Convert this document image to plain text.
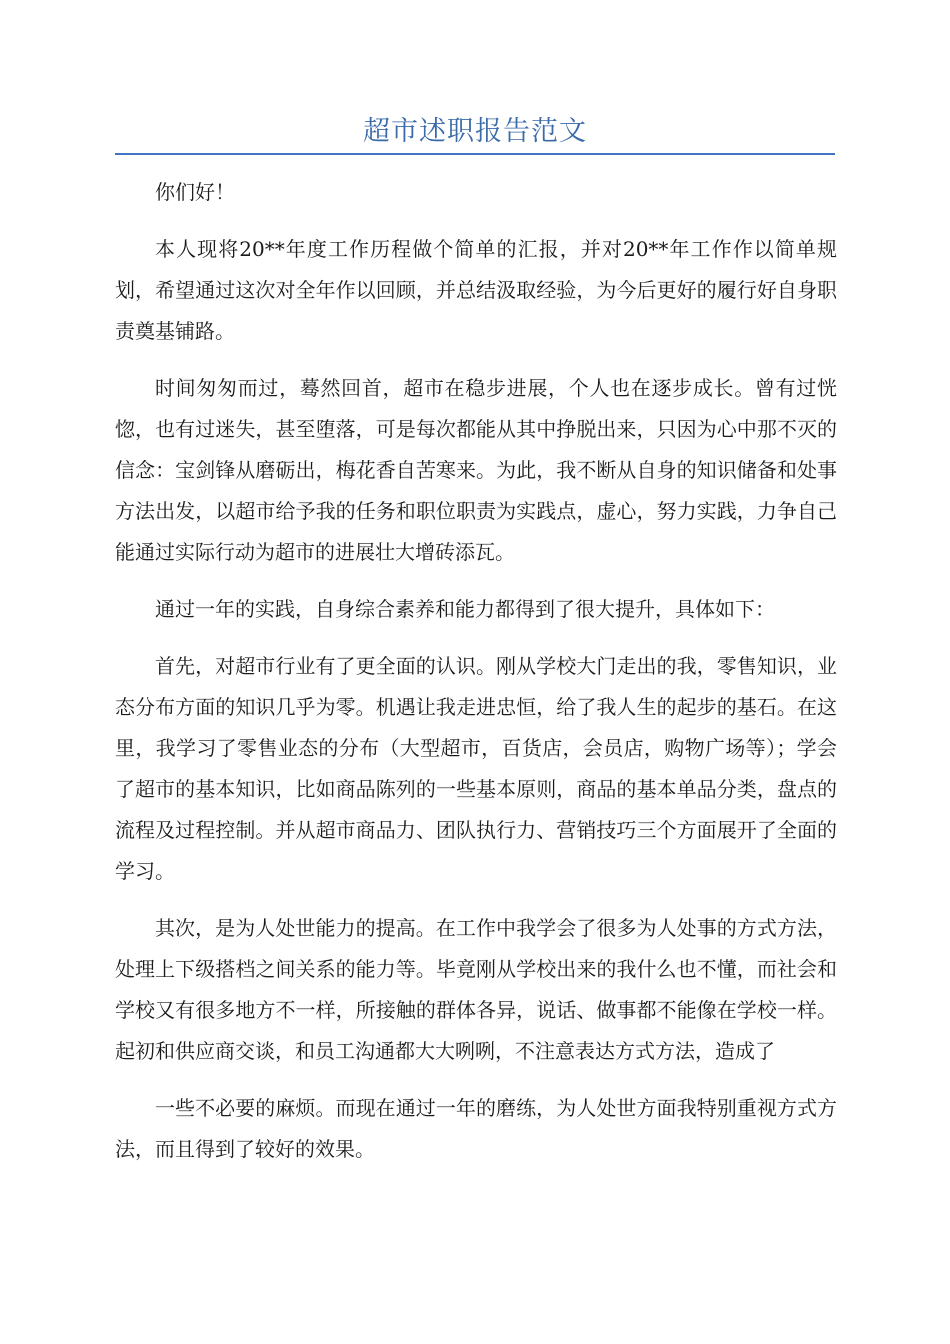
超市述职报告范文

你们好！

本人现将20**年度工作历程做个简单的汇报，并对20**年工作作以简单规划，希望通过这次对全年作以回顾，并总结汲取经验，为今后更好的履行好自身职责奠基铺路。

时间匆匆而过，蓦然回首，超市在稳步进展，个人也在逐步成长。曾有过恍惚，也有过迷失，甚至堕落，可是每次都能从其中挣脱出来，只因为心中那不灭的信念：宝剑锋从磨砺出，梅花香自苦寒来。为此，我不断从自身的知识储备和处事方法出发，以超市给予我的任务和职位职责为实践点，虚心，努力实践，力争自己能通过实际行动为超市的进展壮大增砖添瓦。

通过一年的实践，自身综合素养和能力都得到了很大提升，具体如下：

首先，对超市行业有了更全面的认识。刚从学校大门走出的我，零售知识，业态分布方面的知识几乎为零。机遇让我走进忠恒，给了我人生的起步的基石。在这里，我学习了零售业态的分布（大型超市，百货店，会员店，购物广场等）；学会了超市的基本知识，比如商品陈列的一些基本原则，商品的基本单品分类，盘点的流程及过程控制。并从超市商品力、团队执行力、营销技巧三个方面展开了全面的学习。

其次，是为人处世能力的提高。在工作中我学会了很多为人处事的方式方法，处理上下级搭档之间关系的能力等。毕竟刚从学校出来的我什么也不懂，而社会和学校又有很多地方不一样，所接触的群体各异，说话、做事都不能像在学校一样。起初和供应商交谈，和员工沟通都大大咧咧，不注意表达方式方法，造成了

一些不必要的麻烦。而现在通过一年的磨练，为人处世方面我特别重视方式方法，而且得到了较好的效果。
